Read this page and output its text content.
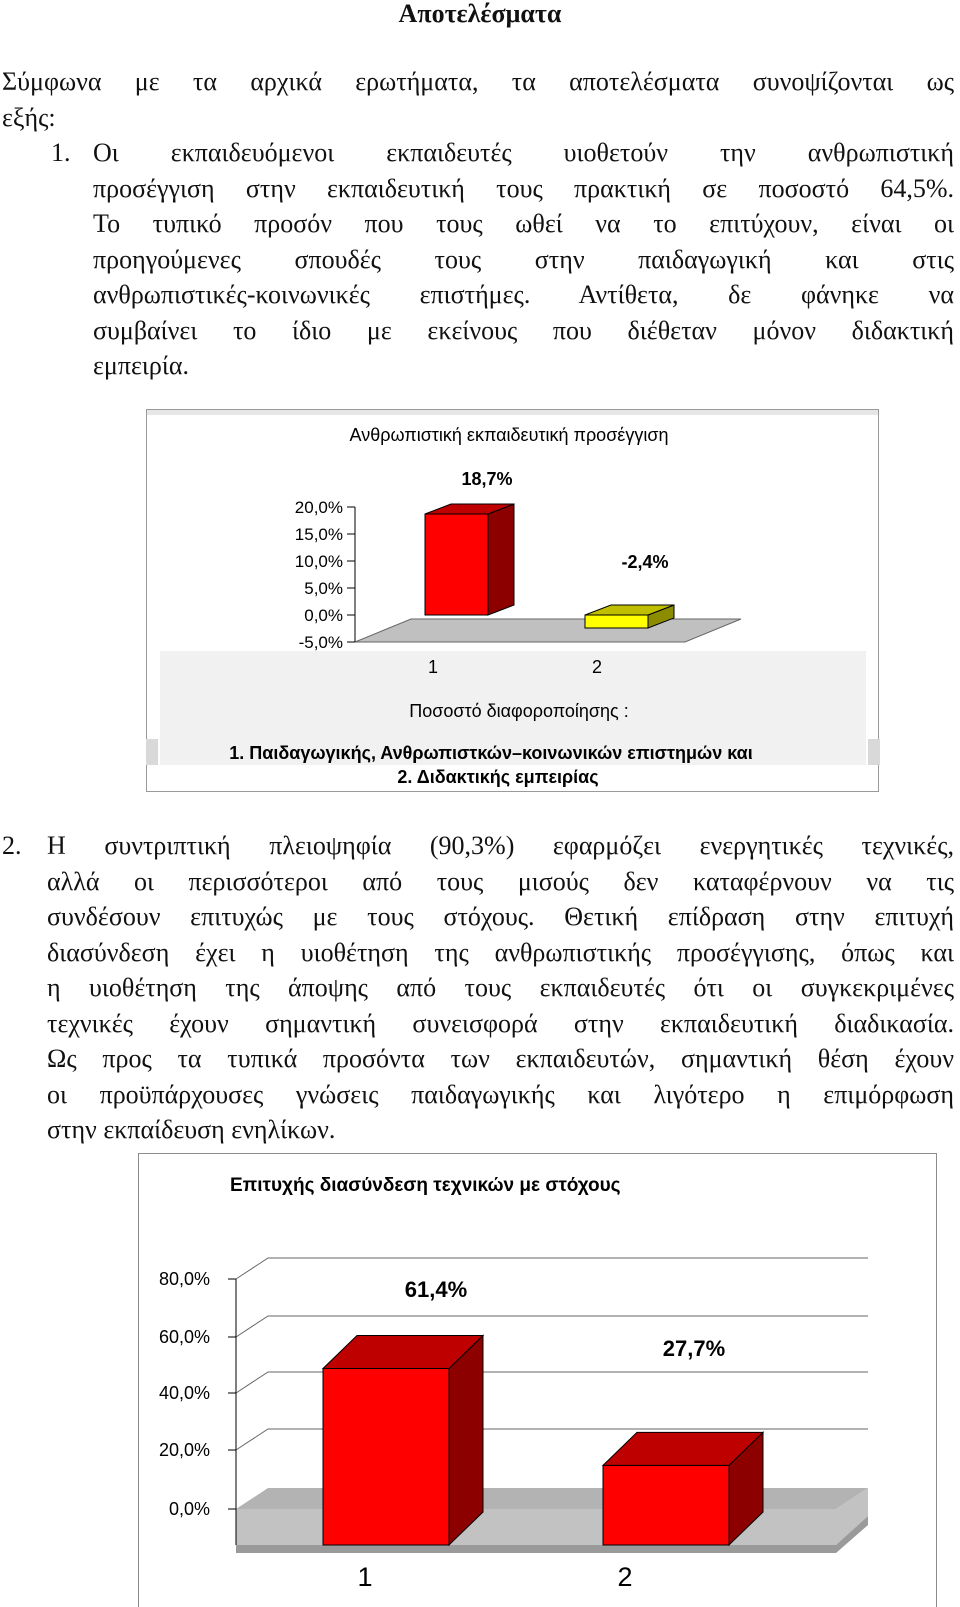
Αποτελέσματα

Σύμφωνα με τα αρχικά ερωτήματα, τα αποτελέσματα συνοψίζονται ως
εξής:

1. Οι εκπαιδευόμενοι εκπαιδευτές υιοθετούν την ανθρωπιστική
προσέγγιση στην εκπαιδευτική τους πρακτική σε ποσοστό 64,5%.
Το τυπικό προσόν που τους ωθεί να το επιτύχουν, είναι οι
προηγούμενες σπουδές τους στην παιδαγωγική και στις
ανθρωπιστικές-κοινωνικές επιστήμες. Αντίθετα, δε φάνηκε να
συμβαίνει το ίδιο με εκείνους που διέθεταν μόνον διδακτική
εμπειρία.

Ανθρωπιστική εκπαιδευτική προσέγγιση
20,0%
15,0%
10,0%
5,0%
0,0%
-5,0%
1	2
18,7%
-2,4%
Ποσοστό διαφοροποίησης :
1. Παιδαγωγικής, Ανθρωπιστκών–κοινωνικών επιστημών και
2. Διδακτικής εμπειρίας
2. Η συντριπτική πλειοψηφία (90,3%) εφαρμόζει ενεργητικές τεχνικές,
αλλά οι περισσότεροι από τους μισούς δεν καταφέρνουν να τις
συνδέσουν επιτυχώς με τους στόχους. Θετική επίδραση στην επιτυχή
διασύνδεση έχει η υιοθέτηση της ανθρωπιστικής προσέγγισης, όπως και
η υιοθέτηση της άποψης από τους εκπαιδευτές ότι οι συγκεκριμένες
τεχνικές έχουν σημαντική συνεισφορά στην εκπαιδευτική διαδικασία.
Ως προς τα τυπικά προσόντα των εκπαιδευτών, σημαντική θέση έχουν
οι προϋπάρχουσες γνώσεις παιδαγωγικής και λιγότερο η επιμόρφωση
στην εκπαίδευση ενηλίκων.

Επιτυχής διασύνδεση τεχνικών με στόχους
80,0%
60,0%
40,0%
20,0%
0,0%
1	2
61,4%
27,7%
